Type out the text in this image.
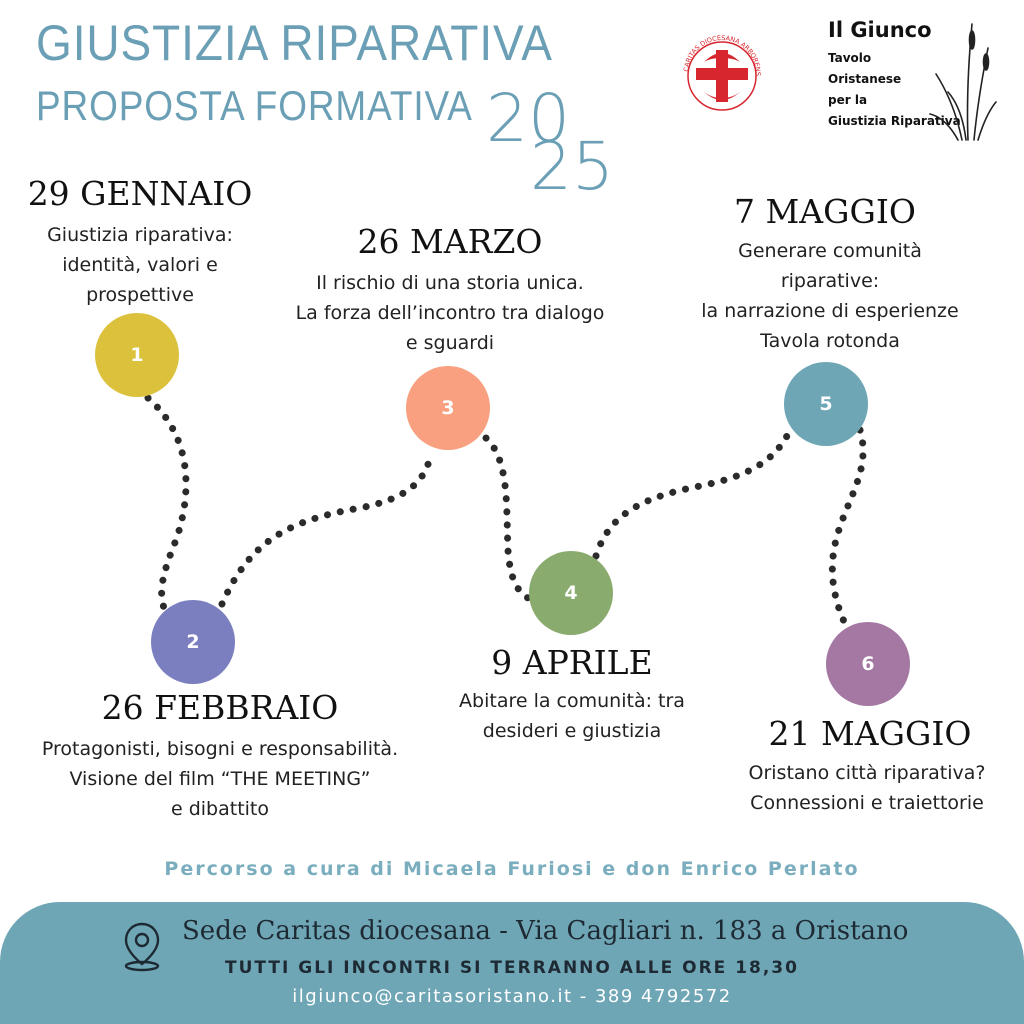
GIUSTIZIA RIPARATIVA
PROPOSTA FORMATIVA 20
25
CARITAS DIOCESANA ARBORENS
Il Giunco
Tavolo
Oristanese
per la
Giustizia Riparativa
1
2
3
4
5
6
29 GENNAIO
Giustizia riparativa:
identità, valori e
prospettive
26 MARZO
Il rischio di una storia unica.
La forza dell’incontro tra dialogo
e sguardi
7 MAGGIO
Generare comunità
riparative:
la narrazione di esperienze
Tavola rotonda
26 FEBBRAIO
Protagonisti, bisogni e responsabilità.
Visione del film “THE MEETING”
e dibattito
9 APRILE
Abitare la comunità: tra
desideri e giustizia	21 MAGGIO
Oristano città riparativa?
Connessioni e traiettorie
Percorso a cura di Micaela Furiosi e don Enrico Perlato
Sede Caritas diocesana - Via Cagliari n. 183 a Oristano
TUTTI GLI INCONTRI SI TERRANNO ALLE ORE 18,30
ilgiunco@caritasoristano.it - 389 4792572
